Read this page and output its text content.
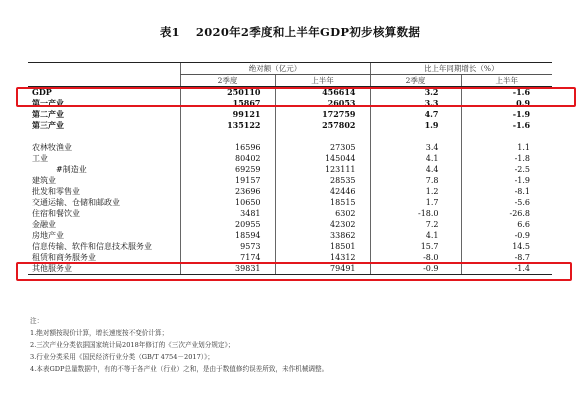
表1 2020年2季度和上半年GDP初步核算数据
	绝对额（亿元）		比上年同期增长（%）	
	2季度	上半年	2季度	上半年
GDP	250110	456614	3.2	-1.6
第一产业	15867	26053	3.3	0.9
第二产业	99121	172759	4.7	-1.9
第三产业	135122	257802	1.9	-1.6

农林牧渔业	16596	27305	3.4	1.1
工业	80402	145044	4.1	-1.8
#制造业	69259	123111	4.4	-2.5
建筑业	19157	28535	7.8	-1.9
批发和零售业	23696	42446	1.2	-8.1
交通运输、仓储和邮政业	10650	18515	1.7	-5.6
住宿和餐饮业	3481	6302	-18.0	-26.8
金融业	20955	42302	7.2	6.6
房地产业	18594	33862	4.1	-0.9
信息传输、软件和信息技术服务业	9573	18501	15.7	14.5
租赁和商务服务业	7174	14312	-8.0	-8.7
其他服务业	39831	79491	-0.9	-1.4
注：
1.绝对额按现价计算，增长速度按不变价计算；
2.三次产业分类依据国家统计局2018年修订的《三次产业划分规定》；
3.行业分类采用《国民经济行业分类（GB/T 4754－2017）》；
4.本表GDP总量数据中，有的不等于各产业（行业）之和，是由于数值修约误差所致，未作机械调整。
